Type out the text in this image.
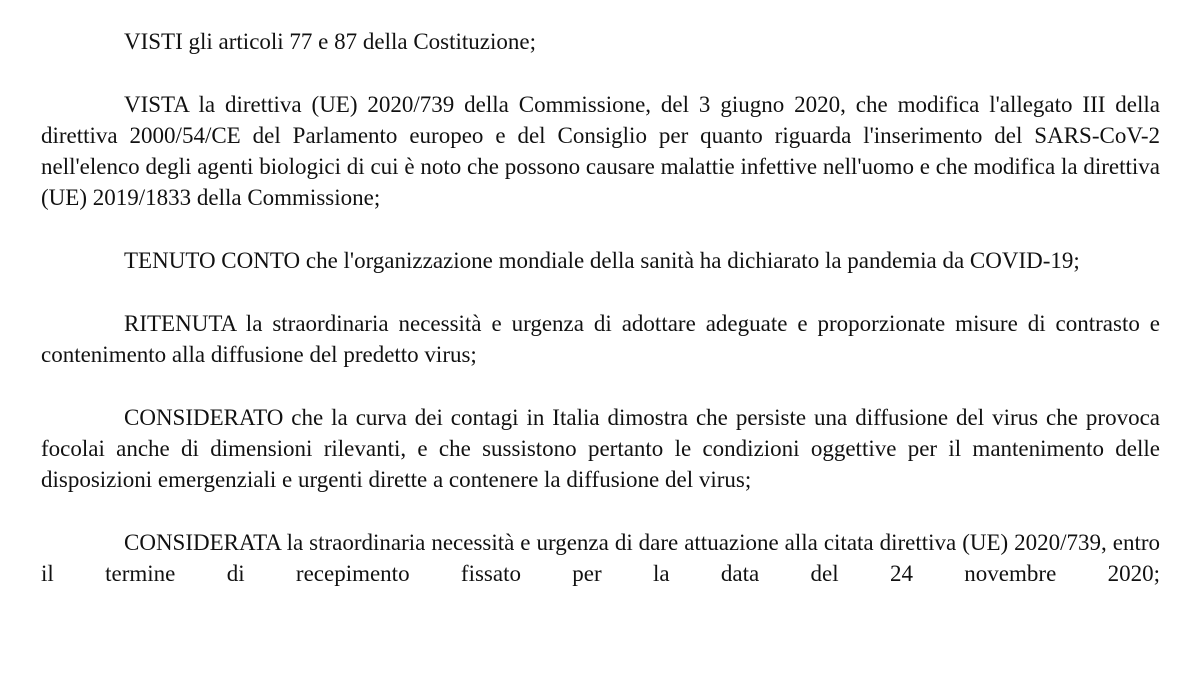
VISTI gli articoli 77 e 87 della Costituzione;

VISTA la direttiva (UE) 2020/739 della Commissione, del 3 giugno 2020, che modifica l'allegato III della direttiva 2000/54/CE del Parlamento europeo e del Consiglio per quanto riguarda l'inserimento del SARS-CoV-2 nell'elenco degli agenti biologici di cui è noto che possono causare malattie infettive nell'uomo e che modifica la direttiva (UE) 2019/1833 della Commissione;

TENUTO CONTO che l'organizzazione mondiale della sanità ha dichiarato la pandemia da COVID-19;

RITENUTA la straordinaria necessità e urgenza di adottare adeguate e proporzionate misure di contrasto e contenimento alla diffusione del predetto virus;

CONSIDERATO che la curva dei contagi in Italia dimostra che persiste una diffusione del virus che provoca focolai anche di dimensioni rilevanti, e che sussistono pertanto le condizioni oggettive per il mantenimento delle disposizioni emergenziali e urgenti dirette a contenere la diffusione del virus;

CONSIDERATA la straordinaria necessità e urgenza di dare attuazione alla citata direttiva (UE) 2020/739, entro il termine di recepimento fissato per la data del 24 novembre 2020;
